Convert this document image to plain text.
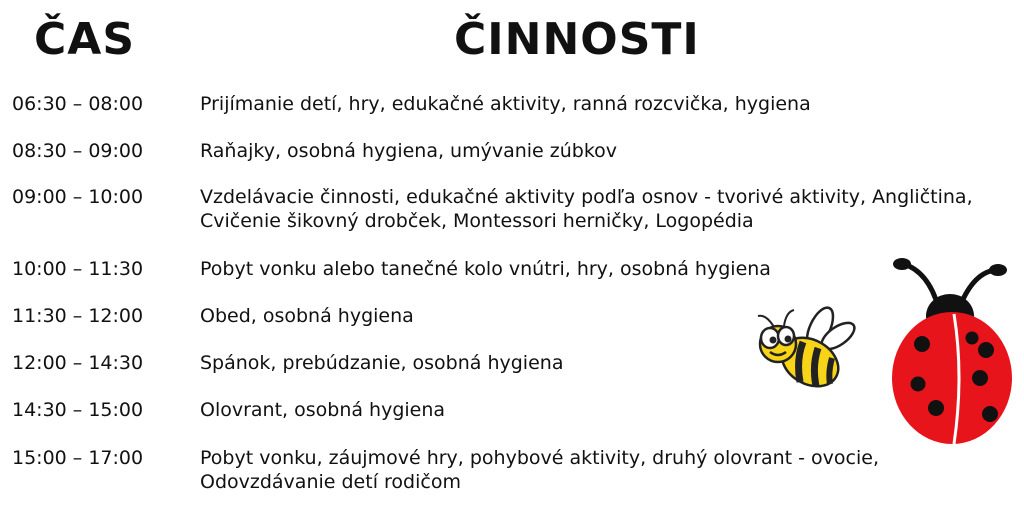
ČAS	ČINNOSTI
06:30 – 08:00	Prijímanie detí, hry, edukačné aktivity, ranná rozcvička, hygiena
08:30 – 09:00	Raňajky, osobná hygiena, umývanie zúbkov
09:00 – 10:00	Vzdelávacie činnosti, edukačné aktivity podľa osnov - tvorivé aktivity, Angličtina,
Cvičenie šikovný drobček, Montessori herničky, Logopédia
10:00 – 11:30	Pobyt vonku alebo tanečné kolo vnútri, hry, osobná hygiena
11:30 – 12:00	Obed, osobná hygiena
12:00 – 14:30	Spánok, prebúdzanie, osobná hygiena
14:30 – 15:00	Olovrant, osobná hygiena
15:00 – 17:00	Pobyt vonku, záujmové hry, pohybové aktivity, druhý olovrant - ovocie,
Odovzdávanie detí rodičom
